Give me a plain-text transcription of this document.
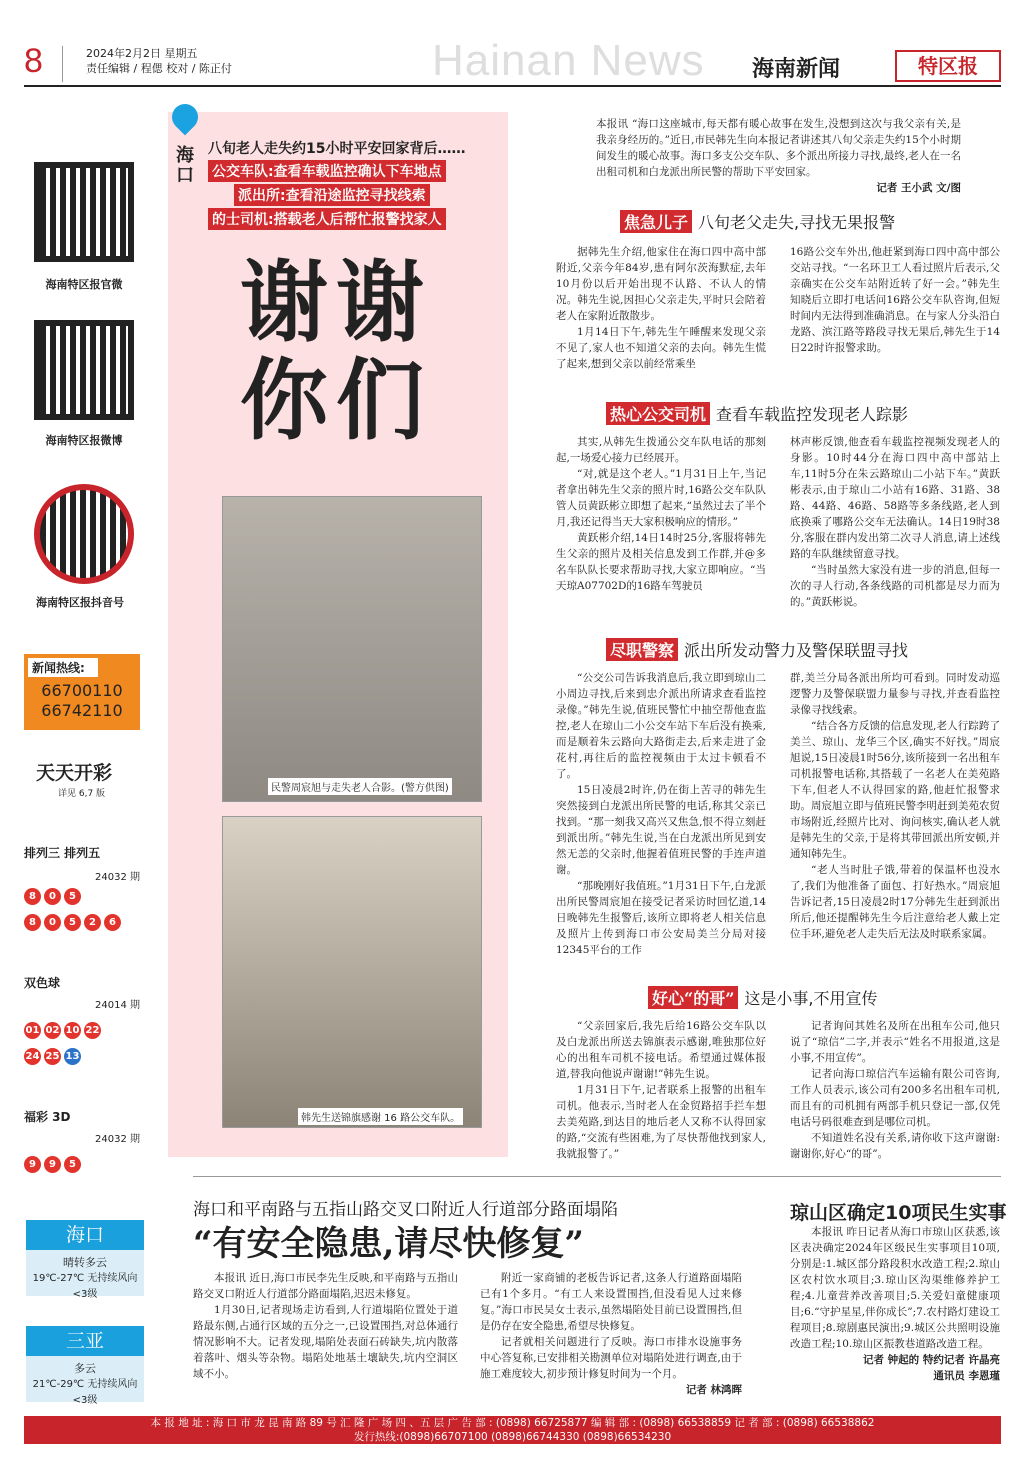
8	2024年2月2日 星期五
责任编辑 / 程偲 校对 / 陈正付	Hainan News 海南新闻	特区报
海南特区报官微
海南特区报微博
海南特区报抖音号
新闻热线:
66700110
66742110
天天开彩
详见 6,7 版
排列三 排列五
24032 期
8 0 5
8 0 5 2 6
双色球
24014 期
01 02 10 22
24 25 13
福彩 3D
24032 期
9 9 5
海口
八旬老人走失约15小时平安回家背后……
公交车队:查看车载监控确认下车地点
派出所:查看沿途监控寻找线索
的士司机:搭载老人后帮忙报警找家人
谢谢
你们
民警周宸旭与走失老人合影。(警方供图)
韩先生送锦旗感谢 16 路公交车队。
本报讯 “海口这座城市,每天都有暖心故事在发生,没想到这次与我父亲有关,是我亲身经历的。”近日,市民韩先生向本报记者讲述其八旬父亲走失约15个小时期间发生的暖心故事。海口多支公交车队、多个派出所接力寻找,最终,老人在一名出租司机和白龙派出所民警的帮助下平安回家。
记者 王小武 文/图
焦急儿子 八旬老父走失,寻找无果报警

据韩先生介绍,他家住在海口四中高中部附近,父亲今年84岁,患有阿尔茨海默症,去年10月份以后开始出现不认路、不认人的情况。韩先生说,因担心父亲走失,平时只会陪着老人在家附近散散步。

1月14日下午,韩先生午睡醒来发现父亲不见了,家人也不知道父亲的去向。韩先生慌了起来,想到父亲以前经常乘坐

16路公交车外出,他赶紧到海口四中高中部公交站寻找。“一名环卫工人看过照片后表示,父亲确实在公交车站附近转了好一会。”韩先生知晓后立即打电话问16路公交车队咨询,但短时间内无法得到准确消息。在与家人分头沿白龙路、滨江路等路段寻找无果后,韩先生于14日22时许报警求助。

热心公交司机 查看车载监控发现老人踪影

其实,从韩先生拨通公交车队电话的那刻起,一场爱心接力已经展开。

“对,就是这个老人。”1月31日上午,当记者拿出韩先生父亲的照片时,16路公交车队队管人员黄跃彬立即想了起来,“虽然过去了半个月,我还记得当天大家积极响应的情形。”

黄跃彬介绍,14日14时25分,客服将韩先生父亲的照片及相关信息发到工作群,并@多名车队队长要求帮助寻找,大家立即响应。“当天琼A07702D的16路车驾驶员

林声彬反馈,他查看车载监控视频发现老人的身影。10时44分在海口四中高中部站上车,11时5分在朱云路琼山二小站下车。”黄跃彬表示,由于琼山二小站有16路、31路、38路、44路、46路、58路等多条线路,老人到底换乘了哪路公交车无法确认。14日19时38分,客服在群内发出第二次寻人消息,请上述线路的车队继续留意寻找。

“当时虽然大家没有进一步的消息,但每一次的寻人行动,各条线路的司机都是尽力而为的。”黄跃彬说。

尽职警察 派出所发动警力及警保联盟寻找

“公交公司告诉我消息后,我立即到琼山二小周边寻找,后来到忠介派出所请求查看监控录像。”韩先生说,值班民警忙中抽空帮他查监控,老人在琼山二小公交车站下车后没有换乘,而是顺着朱云路向大路街走去,后来走进了金花村,再往后的监控视频由于太过卡顿看不了。

15日凌晨2时许,仍在街上苦寻的韩先生突然接到白龙派出所民警的电话,称其父亲已找到。“那一刻我又高兴又焦急,恨不得立刻赶到派出所。”韩先生说,当在白龙派出所见到安然无恙的父亲时,他握着值班民警的手连声道谢。

“那晚刚好我值班。”1月31日下午,白龙派出所民警周宸旭在接受记者采访时回忆道,14日晚韩先生报警后,该所立即将老人相关信息及照片上传到海口市公安局美兰分局对接12345平台的工作

群,美兰分局各派出所均可看到。同时发动巡逻警力及警保联盟力量参与寻找,并查看监控录像寻找线索。

“结合各方反馈的信息发现,老人行踪跨了美兰、琼山、龙华三个区,确实不好找。”周宸旭说,15日凌晨1时56分,该所接到一名出租车司机报警电话称,其搭载了一名老人在美苑路下车,但老人不认得回家的路,他赶忙报警求助。周宸旭立即与值班民警李明赶到美苑农贸市场附近,经照片比对、询问核实,确认老人就是韩先生的父亲,于是将其带回派出所安顿,并通知韩先生。

“老人当时肚子饿,带着的保温杯也没水了,我们为他准备了面包、打好热水。”周宸旭告诉记者,15日凌晨2时17分韩先生赶到派出所后,他还提醒韩先生今后注意给老人戴上定位手环,避免老人走失后无法及时联系家属。

好心“的哥” 这是小事,不用宣传

“父亲回家后,我先后给16路公交车队以及白龙派出所送去锦旗表示感谢,唯独那位好心的出租车司机不接电话。希望通过媒体报道,替我向他说声谢谢!”韩先生说。

1月31日下午,记者联系上报警的出租车司机。他表示,当时老人在金贸路招手拦车想去美苑路,到达目的地后老人又称不认得回家的路,“交流有些困难,为了尽快帮他找到家人,我就报警了。”

记者询问其姓名及所在出租车公司,他只说了“琼信”二字,并表示“姓名不用报道,这是小事,不用宣传”。

记者向海口琼信汽车运输有限公司咨询,工作人员表示,该公司有200多名出租车司机,而且有的司机拥有两部手机只登记一部,仅凭电话号码很难查到是哪位司机。

不知道姓名没有关系,请你收下这声谢谢:谢谢你,好心“的哥”。

海口和平南路与五指山路交叉口附近人行道部分路面塌陷
“有安全隐患,请尽快修复”

本报讯 近日,海口市民李先生反映,和平南路与五指山路交叉口附近人行道部分路面塌陷,迟迟未修复。

1月30日,记者现场走访看到,人行道塌陷位置处于道路最东侧,占通行区域的五分之一,已设置围挡,对总体通行情况影响不大。记者发现,塌陷处表面石砖缺失,坑内散落着落叶、烟头等杂物。塌陷处地基土壤缺失,坑内空洞区域不小。

附近一家商铺的老板告诉记者,这条人行道路面塌陷已有1个多月。“有工人来设置围挡,但没看见人过来修复。”海口市民吴女士表示,虽然塌陷处目前已设置围挡,但是仍存在安全隐患,希望尽快修复。

记者就相关问题进行了反映。海口市排水设施事务中心答复称,已安排相关勘测单位对塌陷处进行调查,由于施工难度较大,初步预计修复时间为一个月。

记者 林鸿晖

琼山区确定10项民生实事

本报讯 昨日记者从海口市琼山区获悉,该区表决确定2024年区级民生实事项目10项,分别是:1.城区部分路段积水改造工程;2.琼山区农村饮水项目;3.琼山区沟渠维修养护工程;4.儿童营养改善项目;5.关爱妇童健康项目;6.“守护星星,伴你成长”;7.农村路灯建设工程项目;8.琼剧惠民演出;9.城区公共照明设施改造工程;10.琼山区振教巷道路改造工程。

记者 钟起的 特约记者 许晶亮

通讯员 李恩瑾

海口
晴转多云
19℃-27℃ 无持续风向<3级
三亚
多云
21℃-29℃ 无持续风向<3级
本 报 地 址 : 海 口 市 龙 昆 南 路 89 号 汇 隆 广 场 四 、五 层 广 告 部 : (0898) 66725877 编 辑 部 : (0898) 66538859 记 者 部 : (0898) 66538862
发行热线:(0898)66707100 (0898)66744330 (0898)66534230
